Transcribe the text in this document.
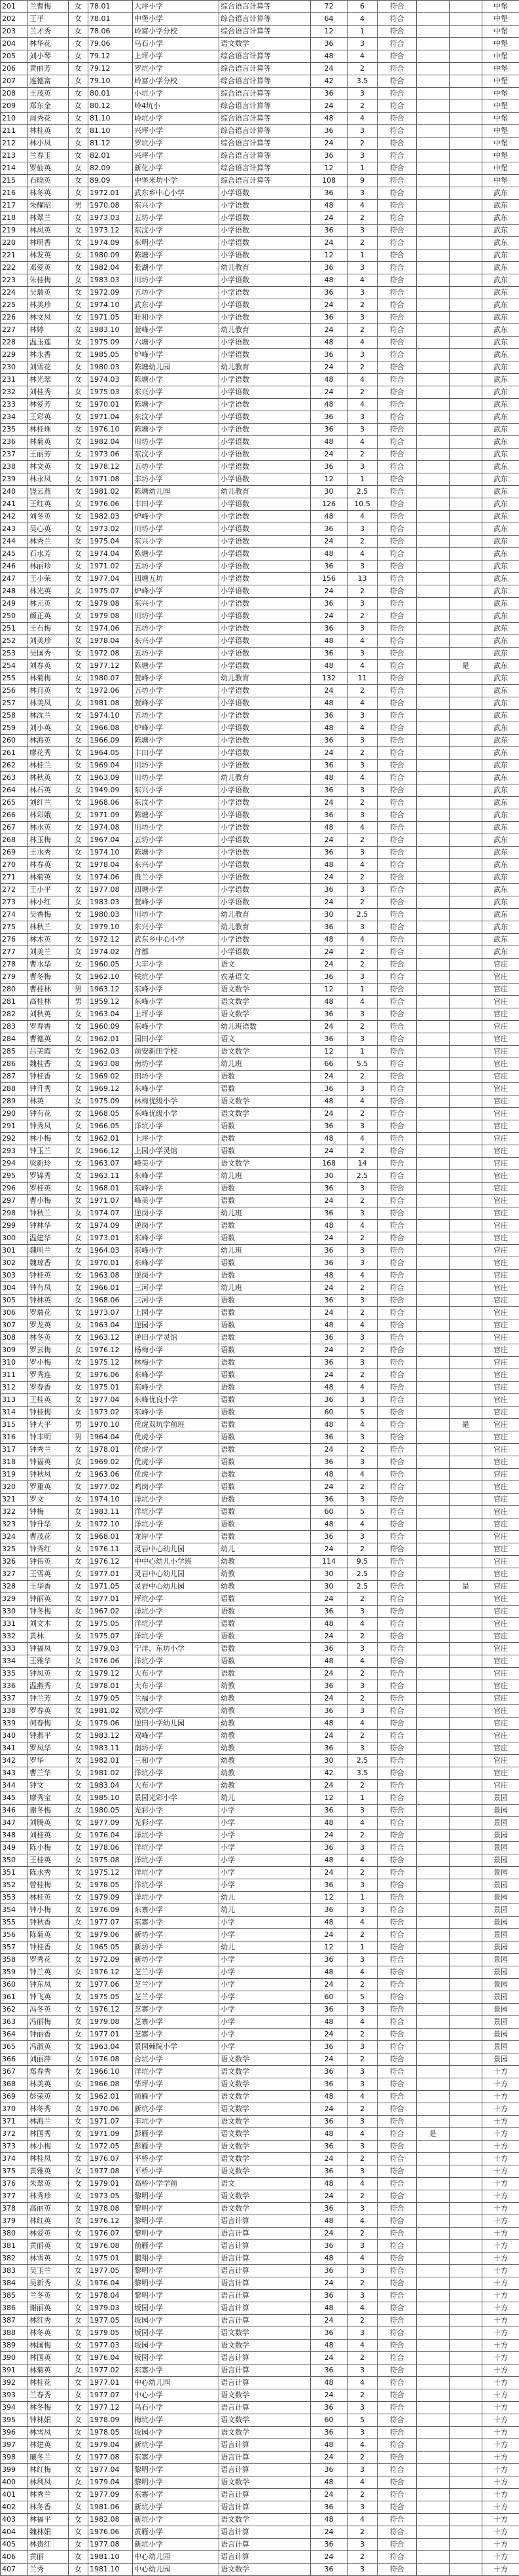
201	兰曹梅	女	78.01	大坪小学	综合语言计算等	72	6	符合			中堡
202	王平	女	78.01	中堡小学	综合语言计算等	64	4	符合			中堡
203	兰才秀	女	78.06	岭富小学分校	综合语言计算等	12	1	符合			中堡
204	林华花	女	79.06	乌石小学	语文数学	36	3	符合			中堡
205	刘小琴	女	79.12	上坪小学	综合语言计算等	48	4	符合			中堡
206	黄丽芳	女	79.12	罗坑小学	综合语言计算等	24	2	符合			中堡
207	连德富	女	79.10	岭富小学分校	综合语言计算等	42	3.5	符合			中堡
208	王茂英	女	80.01	小坑小学	综合语言计算等	36	3	符合			中堡
209	郑东金	女	80.12	岭4坑小	综合语言计算等	24	2	符合			中堡
210	周秀花	女	81.10	岭坑小学	综合语言计算等	48	4	符合			中堡
211	林桂英	女	81.10	兴坪小学	综合语言计算等	36	3	符合			中堡
212	林小凤	女	81.12	罗坑小学	综合语言计算等	24	2	符合			中堡
213	兰春玉	女	82.01	兴坪小学	综合语言计算等	36	3	符合			中堡
214	罗仙英	女	82.09	新化小学	综合语言计算等	12	1	符合			中堡
215	石晓英	女	89.09	中堡米坊小学	综合语言计算等	108	9	符合			中堡
216	林冬英	女	1972.01	武东乡中心小学	小学语数	36	3	符合			武东
217	朱耀昭	男	1970.08	东兴小学	小学语数	48	4	符合			武东
218	林翠兰	女	1973.03	五坊小学	小学语数	24	2	符合			武东
219	林凤英	女	1973.12	东汶小学	小学语数	36	3	符合			武东
220	林明香	女	1974.09	东明小学	小学语数	24	2	符合			武东
221	林发英	女	1980.09	陈塘小学	小学语数	12	1	符合			武东
222	邓爱英	女	1982.04	张湖小学	幼儿教育	36	3	符合			武东
223	朱桂梅	女	1983.03	川坊小学	小学语数	48	4	符合			武东
224	吴瑞英	女	1972.09	五坊小学	小学语数	36	3	符合			武东
225	林美珍	女	1974.10	武东小学	小学语数	24	2	符合			武东
226	林文凤	女	1971.05	旺和小学	小学语数	36	3	符合			武东
227	林婷	女	1983.10	萱峰小学	幼儿教育	24	2	符合			武东
228	温玉莲	女	1975.09	六塘小学	小学语数	48	4	符合			武东
229	林永香	女	1985.05	炉峰小学	小学语数	36	3	符合			武东
230	刘雪花	女	1980.03	陈塘幼儿园	幼儿教育	24	2	符合			武东
231	林光翠	女	1974.03	陈塘小学	小学语数	48	4	符合			武东
232	刘桂秀	女	1975.03	东兴小学	小学语数	24	2	符合			武东
233	林爱芳	女	1970.01	陈塘小学	小学语数	48	4	符合			武东
234	王彩英	女	1971.04	东汶小学	小学语数	36	3	符合			武东
235	林桂珠	女	1976.10	陈塘小学	小学语数	36	3	符合			武东
236	林菊英	女	1982.04	川坊小学	小学语数	48	4	符合			武东
237	王丽芳	女	1973.06	东汶小学	小学语数	24	2	符合			武东
238	林文英	女	1978.12	五坊小学	小学语数	36	3	符合			武东
239	林永凤	女	1971.08	丰坊小学	小学语数	12	1	符合			武东
240	饶云燕	女	1981.02	陈塘幼儿园	幼儿教育	30	2.5	符合			武东
241	王红英	女	1976.06	丰田小学	小学语数	126	10.5	符合			武东
242	刘冬英	女	1982.03	炉峰小学	小学语数	48	4	符合			武东
243	吴心英	女	1973.02	川坊小学	小学语数	36	3	符合			武东
244	林秀兰	女	1975.04	东兴小学	小学语数	24	2	符合			武东
245	石水芳	女	1974.04	陈塘小学	小学语数	48	4	符合			武东
246	林丽珍	女	1971.02	五坊小学	小学语数	36	3	符合			武东
247	王小荣	女	1977.04	四塘五坊	小学语数	156	13	符合			武东
248	林光英	女	1975.07	炉峰小学	小学语数	24	2	符合			武东
249	林元英	女	1979.08	东兴小学	小学语数	36	3	符合			武东
250	颜正英	女	1979.08	川坊小学	小学语数	24	2	符合			武东
251	王石梅	女	1974.06	五坊小学	小学语数	36	3	符合			武东
252	刘美珍	女	1978.04	东兴小学	小学语数	48	4	符合			武东
253	吴国秀	女	1972.08	五坊小学	小学语数	36	3	符合			武东
254	刘春英	女	1977.12	陈塘小学	小学语数	48	4	符合		是	武东
255	林菊梅	女	1980.07	萱峰小学	幼儿教育	132	11	符合			武东
256	林月英	女	1972.06	五坊小学	小学语数	24	2	符合			武东
257	林美凤	女	1981.08	萱峰小学	小学语数	48	4	符合			武东
258	林沈兰	女	1974.10	五坊小学	小学语数	36	3	符合			武东
259	刘小英	女	1966.08	炉峰小学	小学语数	48	4	符合			武东
260	林海英	女	1966.09	陈塘小学	小学语数	36	3	符合			武东
261	廖花秀	女	1964.05	丰田小学	小学语数	24	2	符合			武东
262	林桂兰	女	1969.04	川坊小学	小学语数	36	3	符合			武东
263	林秋英	女	1963.09	川坊小学	幼儿教育	48	4	符合			武东
264	林石英	女	1949.09	东兴小学	小学语数	36	3	符合			武东
265	刘红兰	女	1968.06	东汶小学	小学语数	24	2	符合			武东
266	林彩娥	女	1971.09	陈塘小学	小学语数	36	3	符合			武东
267	林水英	女	1974.08	川坊小学	小学语数	48	4	符合			武东
268	林玉梅	女	1967.04	五坊小学	小学语数	24	2	符合			武东
269	王水秀	女	1974.10	陈塘小学	小学语数	36	3	符合			武东
270	林春英	女	1978.04	东兴小学	小学语数	48	4	符合			武东
271	林菊英	女	1974.06	贵兰小学	小学语数	24	2	符合			武东
272	王小平	女	1977.08	四塘小学	小学语数	36	3	符合			武东
273	林小红	女	1983.03	萱峰小学	小学语数	24	2	符合			武东
274	吴香梅	女	1980.03	川坊小学	幼儿教育	30	2.5	符合			武东
275	林秋兰	女	1979.10	东兴小学	幼儿教育	36	3	符合			武东
276	林木英	女	1972.12	武东乡中心小学	小学语数	48	4	符合			武东
277	刘美兰	女	1974.02	首都	小学语数	24	2	符合			武东
278	曹水华	女	1960.05	大丰小学	语文	24	2	符合			官庄
279	曹冬梅	女	1962.10	铁坑小学	农基语文	36	3	符合			官庄
280	曹桂林	男	1963.12	东峰小学	语文数学	12	1	符合			官庄
281	高桂林	男	1959.12	东峰小学	语文数学	48	4	符合			官庄
282	刘秋英	女	1963.04	上坪小学	语文数学	36	3	符合			官庄
283	罗春香	女	1960.09	东峰小学	幼儿班语数	24	2	符合			官庄
284	曹德英	女	1962.01	园田小学	语文	36	3	符合			官庄
285	吕美霞	女	1962.03	前安新田学校	语文数学	12	1	符合			官庄
286	魏桂香	女	1963.08	南坊小学	幼儿班	66	5.5	符合			官庄
287	钟桂香	女	1969.02	田坊小学	语数	24	2	符合			官庄
288	钟升秀	女	1969.12	东峰小学	语数	36	3	符合			官庄
289	林英	女	1975.09	林梅优级小学	语文数学	48	4	符合			官庄
290	钟有花	女	1968.05	东峰优级小学	语文数学	24	2	符合			官庄
291	钟秀凤	女	1966.05	洋坑小学	语数	36	3	符合			官庄
292	林小梅	女	1962.01	上坪小学	语数	48	4	符合			官庄
293	钟玉兰	女	1966.12	上园小学灵馆	语数	24	2	符合			官庄
294	梁新玲	女	1963.07	峰美小学	语文数学	168	14	符合			官庄
295	罗锦秀	女	1963.11	东峰小学	幼儿班	30	2.5	符合			官庄
296	罗桂英	女	1968.01	东峰小学	语数	36	3	符合			官庄
297	曹小梅	女	1971.07	峰美小学	语数	24	2	符合			官庄
298	钟秋兰	女	1974.07	逆岗小学	幼儿班	36	3	符合			官庄
299	钟林华	女	1974.09	逆岗小学	语数	48	4	符合			官庄
300	温建华	女	1973.01	东峰小学	语数	24	2	符合			官庄
301	魏明兰	女	1964.03	东峰小学	幼儿班	36	3	符合			官庄
302	魏琼香	女	1970.01	东峰小学	语数	36	3	符合			官庄
303	钟桂英	女	1963.08	逆岗小学	语数	48	4	符合			官庄
304	钟有凤	女	1966.01	三河小学	幼儿班	24	2	符合			官庄
305	钟林英	女	1968.06	三河小学	语数	36	3	符合			官庄
306	罗瑞花	女	1973.07	上园小学	语数	24	2	符合			官庄
307	罗龙英	女	1963.04	逆园小学	语数	48	4	符合			官庄
308	林冬英	女	1963.12	逆田小学灵馆	语数	36	3	符合			官庄
309	罗云梅	女	1976.12	杨梅小学	语数	24	2	符合			官庄
310	罗小梅	女	1975.12	林梅小学	语数	36	3	符合			官庄
311	罗秀连	女	1976.06	东峰小学	语数	24	2	符合			官庄
312	罗春香	女	1975.01	东峰小学	语数	48	4	符合			官庄
313	王桂英	女	1977.04	东峰优良小学	语数	36	3	符合			官庄
314	钟桂梅	女	1973.02	东峰小学	语数	60	5	符合			官庄
315	钟大平	男	1970.10	优虎双坑学前班	语数	48	4	符合		是	官庄
316	钟丰明	男	1964.04	优虎小学	语数	36	3	符合			官庄
317	钟秀兰	女	1978.01	优虎小学	语数	24	2	符合			官庄
318	钟福英	女	1969.02	优虎小学	语数	36	3	符合			官庄
319	钟秋凤	女	1963.06	优虎小学	语数	48	4	符合			官庄
320	罗重英	女	1977.02	鸡岗小学	语数	24	2	符合			官庄
321	罗文	女	1974.10	洋坑小学	语数	36	3	符合			官庄
322	钟梅	女	1983.11	洋坑小学	语数	60	5	符合			官庄
323	钟升华	女	1972.10	洋坑小学	语数	48	4	符合			官庄
324	曹茂花	女	1968.01	龙岸小学	语数	36	3	符合			官庄
325	钟秀红	女	1976.11	灵岩中心幼儿园	幼儿	24	2	符合			官庄
326	钟伟英	女	1976.12	中中心幼儿小学班	幼教	114	9.5	符合			官庄
327	王雪英	女	1977.01	灵岩中心幼儿园	幼教	30	2.5	符合			官庄
328	王华香	女	1971.05	灵岩中心幼儿园	幼教	30	2.5	符合		是	官庄
329	钟丽英	女	1977.01	坪坑小学	语数	24	2	符合			官庄
330	钟冬梅	女	1967.02	洋坑小学	语数	36	3	符合			官庄
331	刘文木	女	1975.05	洋坑小学	语数	48	4	符合			官庄
332	黄林	女	1975.07	洋坑小学	语数	24	2	符合			官庄
333	钟福凤	女	1979.03	宁洋、东坊小学	语数	36	3	符合			官庄
334	王雅华	女	1976.06	洋坑小学	语数	48	4	符合			官庄
335	钟凤英	女	1979.12	大布小学	语数	24	2	符合			官庄
336	温燕秀	女	1978.01	大布小学	幼教	36	3	符合			官庄
337	钟兰芳	女	1979.05	兰福小学	幼教	24	2	符合			官庄
338	罗春英	女	1981.02	双坑小学	幼教	36	3	符合			官庄
339	何春梅	女	1979.06	逆田小学幼儿园	幼教	48	4	符合			官庄
340	钟燕平	女	1983.12	双峰小学	幼教	24	2	符合			官庄
341	罗凤华	女	1983.11	南坊小学	幼教	36	3	符合			官庄
342	罗华	女	1982.01	三和小学	幼教	30	2.5	符合			官庄
343	曹兰华	女	1981.02	洋坑小学	幼教	42	3.5	符合			官庄
344	钟文	女	1983.04	大布小学	幼教	24	2	符合			官庄
345	廖秀宝	女	1985.10	景园光彩小学	幼儿	12	1	符合			景园
346	谢冬梅	女	1980.05	光彩小学	小学	36	3	符合			景园
347	刘腾英	女	1977.09	光彩小学	小学	48	4	符合			景园
348	刘桂英	女	1976.04	洋坑小学	小学	24	2	符合			景园
349	陈小梅	女	1978.06	洋坑小学	小学	36	3	符合			景园
350	王桂英	女	1975.08	洋坑小学	小学	48	4	符合			景园
351	陈水秀	女	1975.12	洋坑小学	小学	24	2	符合			景园
352	曾桂梅	女	1978.05	洋坑小学	小学	36	3	符合			景园
353	林桂英	女	1979.09	洋坑小学	幼儿	12	1	符合			景园
354	钟小梅	女	1976.09	东寨小学	幼儿	36	3	符合			景园
355	钟秋香	女	1977.07	东寨小学	小学	48	4	符合			景园
356	陈菊英	女	1979.06	新坊小学	小学	24	2	符合			景园
357	钟桂香	女	1965.05	新坊小学	幼儿	12	1	符合			景园
358	罗秀花	女	1972.09	新坊小学	小学	36	3	符合			景园
359	钟兰英	女	1976.12	芝兰小学	小学	48	4	符合			景园
360	钟东凤	女	1977.06	芝兰小学	小学	24	2	符合			景园
361	钟飞英	女	1975.05	芝兰小学	小学	60	5	符合			景园
362	冯冬英	女	1976.12	芝寨小学	小学	36	3	符合			景园
363	冯丽梅	女	1979.08	芝寨小学	小学	48	4	符合			景园
364	钟丽香	女	1977.01	芝寨小学	小学	24	2	符合			景园
365	冯淑英	女	1963.04	景园棘院小学	小学	36	3	符合			景园
366	刘丽萍	女	1976.08	合坑小学	语文数学	24	2	符合			景园
367	郑春秀	女	1966.10	洋坑小学	语文数学	36	3	符合			十方
368	林美英	女	1966.08	华坪小学	语文数学	36	3	符合			十方
369	彭荣英	女	1962.01	前雁小学	语文数学	48	4	符合			十方
370	林冬秀	女	1970.06	新坑小学	语文数学	24	2	符合			十方
371	林海兰	女	1971.07	丰坑小学	语文数学	36	3	符合			十方
372	林国秀	女	1971.09	彭雁小学	语文数学	48	4	符合	是		十方
373	林小梅	女	1972.05	彭雁小学	语文数学	36	3	符合			十方
374	林桂凤	女	1976.07	平桥小学	语文数学	24	2	符合			十方
375	黄雅英	女	1977.08	平桥小学	语文数学	36	3	符合			十方
376	朱翠英	女	1979.01	高桥小学学前	语文	48	4	符合			十方
377	林秀珍	女	1973.05	黎明小学	语文数学	24	2	符合			十方
378	高丽英	女	1978.08	黎明小学	语文数学	36	3	符合			十方
379	林红英	女	1976.12	黎明小学	语言计算	48	4	符合			十方
380	林爱英	女	1976.07	黎明小学	语言计算	24	2	符合			十方
381	黄丽英	女	1976.08	前雁小学	语言计算	36	3	符合			十方
382	林雪英	女	1975.01	鹏翔小学	语言计算	48	4	符合			十方
383	吴玉兰	女	1977.05	黎明小学	语言计算	36	3	符合			十方
384	吴新秀	女	1976.04	黎明小学	语言计算	24	2	符合			十方
385	兰冬英	女	1978.04	黎明小学	语言计算	36	3	符合			十方
386	谢丽英	女	1979.03	坂园小学	语言计算	48	4	符合			十方
387	林红秀	女	1977.05	坂园小学	语言计算	24	2	符合			十方
388	林冬英	女	1979.05	坂园小学	语文数学	36	3	符合			十方
389	林国梅	女	1977.03	坂园小学	语文数学	48	4	符合			十方
390	林国英	女	1976.04	坂园小学	语言计算	24	2	符合			十方
391	林菊英	女	1977.02	东寨小学	语言计算	36	3	符合			十方
392	林桂花	女	1977.01	中心幼儿园	语言计算	48	4	符合			十方
393	兰春秀	女	1977.07	中心小学	语文数学	24	2	符合			十方
394	林冬梅	女	1977.12	乌石小学	语言计算	36	3	符合			十方
395	钟林娟	女	1978.09	梅坑小学	语文数学	60	5	符合			十方
396	林雪凤	女	1978.05	坂园小学	语文数学	36	3	符合			十方
397	林建英	女	1979.04	新坑小学	语言计算	48	4	符合			十方
398	廉冬兰	女	1977.08	东寨小学	语言计算	24	2	符合			十方
399	林红梅	女	1977.04	黎明小学	语言计算	36	3	符合			十方
400	林利凤	女	1979.04	黎明小学	语文数学	48	4	符合			十方
401	林秀兰	女	1977.09	东寨小学	语言计算	24	2	符合			十方
402	林冬香	女	1981.06	新坑小学	语言计算	36	3	符合			十方
403	林福平	女	1982.08	新坑小学	语文数学	48	4	符合			十方
404	魏林娟	女	1976.06	黄雁小学	语言计算	24	2	符合			十方
405	林贵红	女	1977.08	新坑小学	语言计算	36	3	符合			十方
406	黄丽	女	1981.10	中心幼儿园	语言计算	24	2	符合			十方
407	兰秀	女	1981.10	中心幼儿园	语文数学	36	3	符合			十方
